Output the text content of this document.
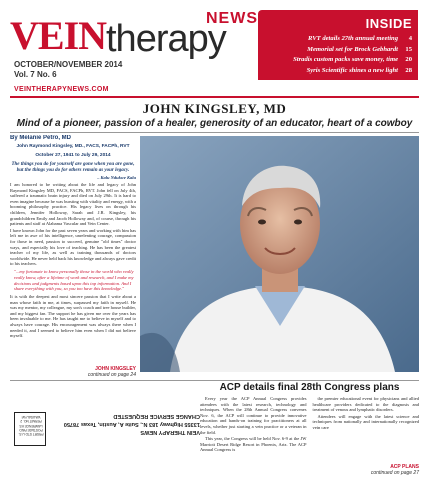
VEIN therapy
NEWS
OCTOBER/NOVEMBER 2014
Vol. 7 No. 6
VEINTHERAPYNEWS.COM
INSIDE
RVT details 27th annual meeting	4
Memorial set for Brock Gebhardt	15
Stradis custom packs save money, time	20
Syris Scientific shines a new light	28
JOHN KINGSLEY, MD
Mind of a pioneer, passion of a healer, generosity of an educator, heart of a cowboy
By Melanie Petro, MD
John Raymond Kingsley, MD., FACS, FACPh, RVT
October 27, 1941 to July 29, 2014
The things you do for yourself are gone when you are gone, but the things you do for others remain as your legacy.
– Kalu Ndukwe Kalu

I am honored to be writing about the life and legacy of John Raymond Kingsley MD, FACS, FACPh, RVT. John fell on July 4th, suffered a traumatic brain injury and died on July 29th. It is hard to even imagine because he was bursting with vitality and energy, with a booming philosophy practice. His legacy lives on through his children, Jennifer Holloway, Sarah and J.R. Kingsley, his grandchildren Emily and Jacob Holloway and, of course, through his patients and staff at Alabama Vascular and Vein Center.

I have known John for the past seven years and working with him has left me in awe of his intelligence, unrelenting courage, compassion for those in need, passion to succeed, genuine "old times" doctor ways, and especially his love of teaching. He has been the greatest teacher of my life, as well as training thousands of doctors worldwide. He never held back his knowledge and always gave credit to his teachers.

"...my fortunate to know personally those in the world who really really know, after a lifetime of work and research, and I make my decisions and judgments based upon this top information. And I share everything with you, so you too have this knowledge."

It is with the deepest and most sincere passion that I write about a man whose faith in me, at times, surpassed my faith in myself. He was my mentor, my colleague, my son's coach and tree house builder, and my biggest fan. The support he has given me over the years has been invaluable to me. He has taught me to believe in myself and to always have courage. His encouragement was always there when I needed it, and I seemed to believe him even when I did not believe myself.

JOHN KINGSLEY
continued on page 24
PRSRT STD U.S. POSTAGE PAID LAWRENCE KS PERMIT NO. 2 WAUSAU WI
VEIN THERAPY NEWS
13355 Highway 183 N., Suite A, Austin, Texas 78750
CHANGE SERVICE REQUESTED
ACP details final 28th Congress plans

Every year the ACP Annual Congress provides attendees with the latest research, technology and techniques. When the 28th Annual Congress convenes Nov. 6, the ACP will continue to provide innovative education and hands-on training for practitioners at all levels, whether just starting a vein practice or a veteran in the field.

This year, the Congress will be held Nov. 6-9 at the JW Marriott Desert Ridge Resort in Phoenix, Ariz. The ACP Annual Congress is

the premier educational event for physicians and allied healthcare providers dedicated to the diagnosis and treatment of venous and lymphatic disorders.

Attendees will engage with the latest science and techniques from nationally and internationally recognized vein care

ACP PLANS
continued on page 27
